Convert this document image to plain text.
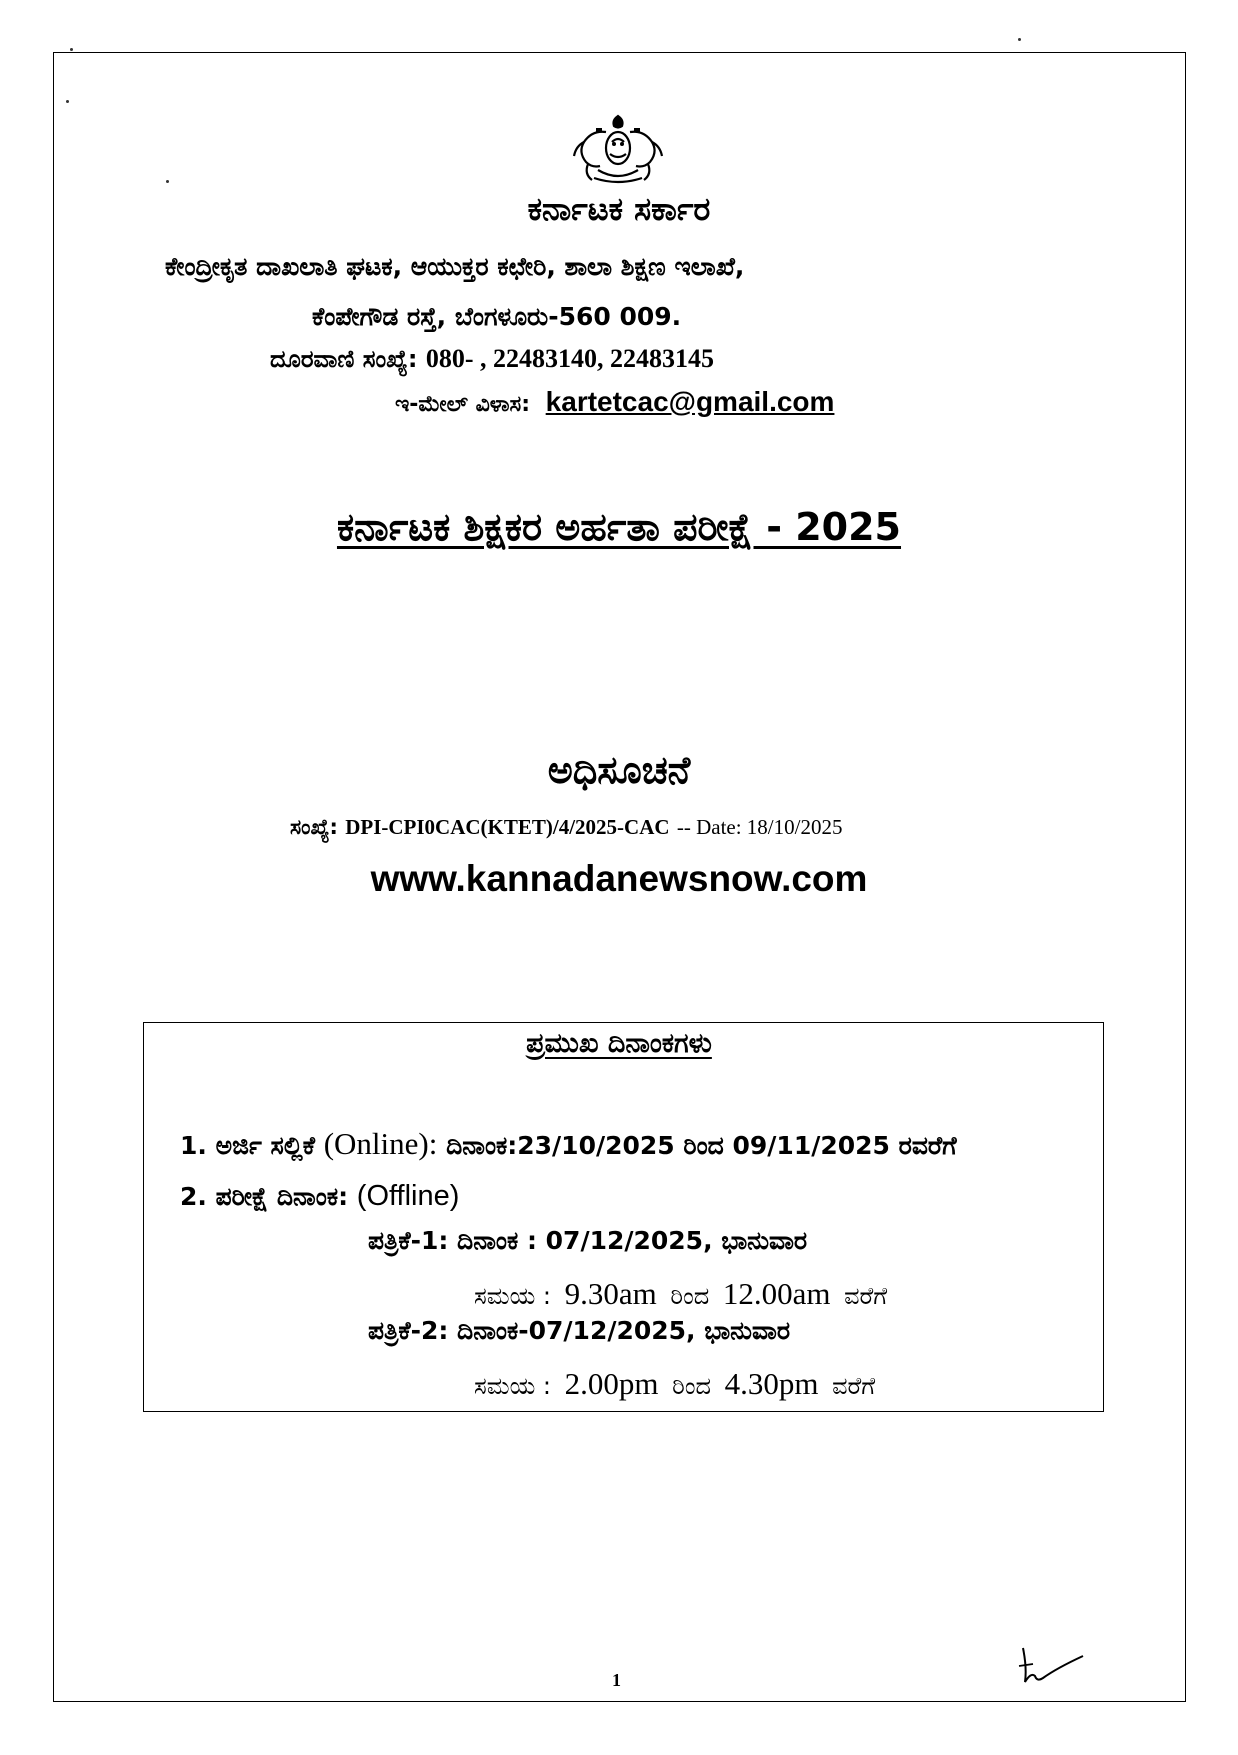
ಕರ್ನಾಟಕ ಸರ್ಕಾರ
ಕೇಂದ್ರೀಕೃತ ದಾಖಲಾತಿ ಘಟಕ, ಆಯುಕ್ತರ ಕಛೇರಿ, ಶಾಲಾ ಶಿಕ್ಷಣ ಇಲಾಖೆ,
ಕೆಂಪೇಗೌಡ ರಸ್ತೆ, ಬೆಂಗಳೂರು-560 009.
ದೂರವಾಣಿ ಸಂಖ್ಯೆ: 080- , 22483140, 22483145
ಇ-ಮೇಲ್ ವಿಳಾಸ: kartetcac@gmail.com
ಕರ್ನಾಟಕ ಶಿಕ್ಷಕರ ಅರ್ಹತಾ ಪರೀಕ್ಷೆ - 2025
ಅಧಿಸೂಚನೆ
ಸಂಖ್ಯೆ: DPI-CPI0CAC(KTET)/4/2025-CAC -- Date: 18/10/2025
www.kannadanewsnow.com
ಪ್ರಮುಖ ದಿನಾಂಕಗಳು
1. ಅರ್ಜಿ ಸಲ್ಲಿಕೆ (Online): ದಿನಾಂಕ:23/10/2025 ರಿಂದ 09/11/2025 ರವರೆಗೆ
2. ಪರೀಕ್ಷೆ ದಿನಾಂಕ: (Offline)
ಪತ್ರಿಕೆ-1: ದಿನಾಂಕ : 07/12/2025, ಭಾನುವಾರ
ಸಮಯ : 9.30am ರಿಂದ 12.00am ವರೆಗೆ
ಪತ್ರಿಕೆ-2: ದಿನಾಂಕ-07/12/2025, ಭಾನುವಾರ
ಸಮಯ : 2.00pm ರಿಂದ 4.30pm ವರೆಗೆ
1
